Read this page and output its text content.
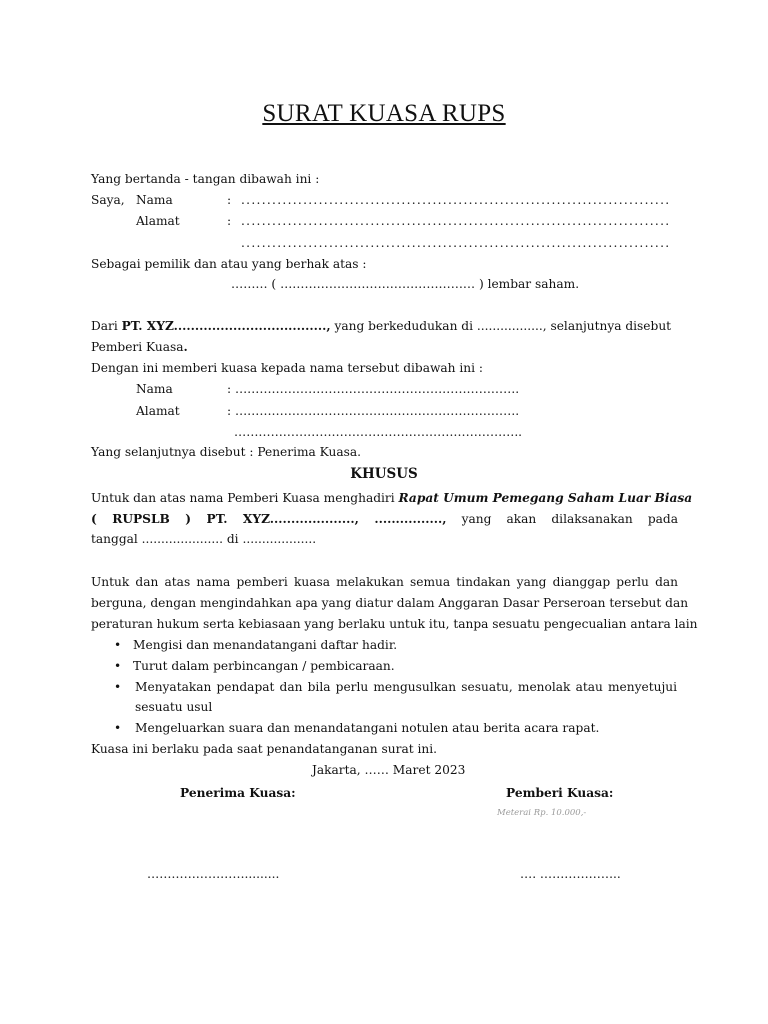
SURAT KUASA RUPS
Yang bertanda - tangan dibawah ini :
Saya, Nama	: ...................................................................................
Alamat	: ...................................................................................
...................................................................................
Sebagai pemilik dan atau yang berhak atas :
……… ( ………………………………………… ) lembar saham.
Dari PT. XYZ...................................., yang berkedudukan di ................., selanjutnya disebut
Pemberi Kuasa.
Dengan ini memberi kuasa kepada nama tersebut dibawah ini :
Nama	: …………………………………………………………….
Alamat	: …………………………………………………………….
……………………………………………………………..
Yang selanjutnya disebut : Penerima Kuasa.
KHUSUS
Untuk dan atas nama Pemberi Kuasa menghadiri Rapat Umum Pemegang Saham Luar Biasa
( RUPSLB ) PT. XYZ...................., ................, yang akan dilaksanakan pada
tanggal ..................... di ...................
Untuk dan atas nama pemberi kuasa melakukan semua tindakan yang dianggap perlu dan
berguna, dengan mengindahkan apa yang diatur dalam Anggaran Dasar Perseroan tersebut dan
peraturan hukum serta kebiasaan yang berlaku untuk itu, tanpa sesuatu pengecualian antara lain
• Mengisi dan menandatangani daftar hadir.
• Turut dalam perbincangan / pembicaraan.
• Menyatakan pendapat dan bila perlu mengusulkan sesuatu, menolak atau menyetujui
sesuatu usul
• Mengeluarkan suara dan menandatangani notulen atau berita acara rapat.
Kuasa ini berlaku pada saat penandatanganan surat ini.
Jakarta, …… Maret 2023
Penerima Kuasa:	Pemberi Kuasa:
Meterai Rp. 10.000,-
…………………….........	…. ………………..
